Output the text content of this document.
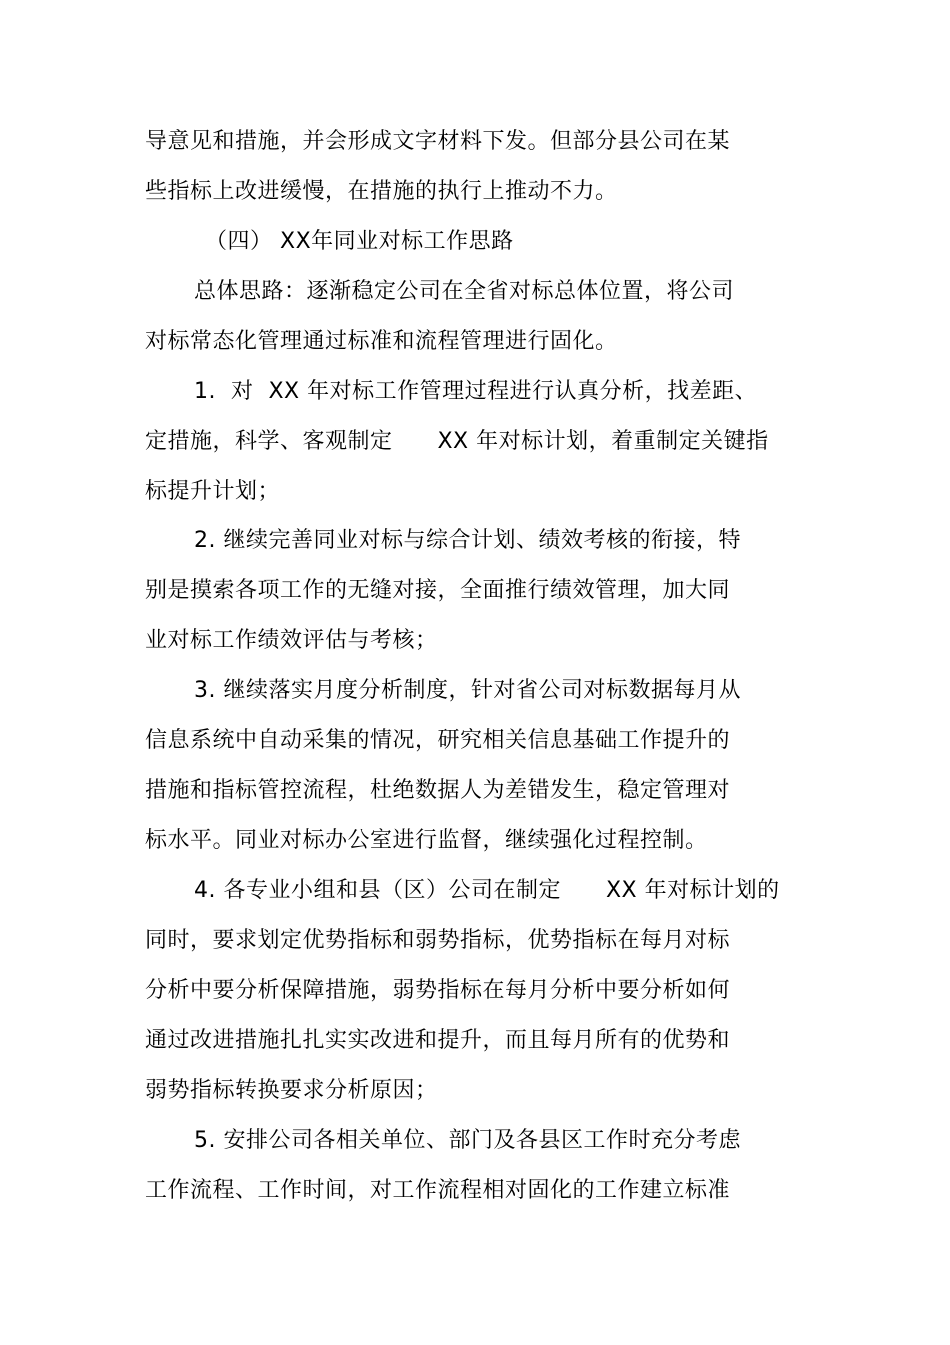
导意见和措施，并会形成文字材料下发。但部分县公司在某
些指标上改进缓慢，在措施的执行上推动不力。
（四） XX年同业对标工作思路
总体思路：逐渐稳定公司在全省对标总体位置，将公司
对标常态化管理通过标准和流程管理进行固化。
1.  对  XX 年对标工作管理过程进行认真分析，找差距、
定措施，科学、客观制定      XX 年对标计划，着重制定关键指
标提升计划；
2. 继续完善同业对标与综合计划、绩效考核的衔接，特
别是摸索各项工作的无缝对接，全面推行绩效管理，加大同
业对标工作绩效评估与考核；
3. 继续落实月度分析制度，针对省公司对标数据每月从
信息系统中自动采集的情况，研究相关信息基础工作提升的
措施和指标管控流程，杜绝数据人为差错发生，稳定管理对
标水平。同业对标办公室进行监督，继续强化过程控制。
4. 各专业小组和县（区）公司在制定      XX 年对标计划的
同时，要求划定优势指标和弱势指标，优势指标在每月对标
分析中要分析保障措施，弱势指标在每月分析中要分析如何
通过改进措施扎扎实实改进和提升，而且每月所有的优势和
弱势指标转换要求分析原因；
5. 安排公司各相关单位、部门及各县区工作时充分考虑
工作流程、工作时间，对工作流程相对固化的工作建立标准
